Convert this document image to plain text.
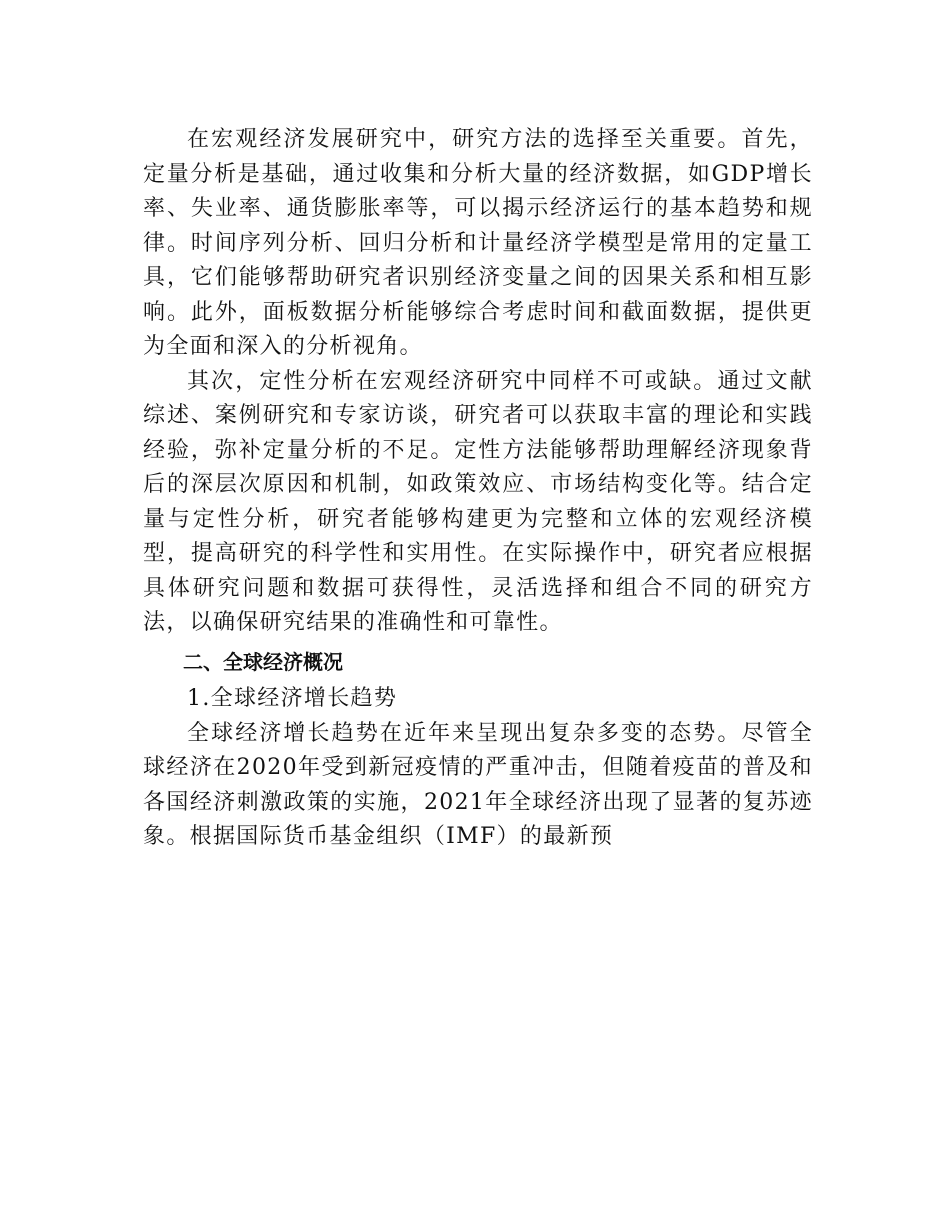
在宏观经济发展研究中，研究方法的选择至关重要。首先，定量分析是基础，通过收集和分析大量的经济数据，如GDP增长率、失业率、通货膨胀率等，可以揭示经济运行的基本趋势和规律。时间序列分析、回归分析和计量经济学模型是常用的定量工具，它们能够帮助研究者识别经济变量之间的因果关系和相互影响。此外，面板数据分析能够综合考虑时间和截面数据，提供更为全面和深入的分析视角。

其次，定性分析在宏观经济研究中同样不可或缺。通过文献综述、案例研究和专家访谈，研究者可以获取丰富的理论和实践经验，弥补定量分析的不足。定性方法能够帮助理解经济现象背后的深层次原因和机制，如政策效应、市场结构变化等。结合定量与定性分析，研究者能够构建更为完整和立体的宏观经济模型，提高研究的科学性和实用性。在实际操作中，研究者应根据具体研究问题和数据可获得性，灵活选择和组合不同的研究方法，以确保研究结果的准确性和可靠性。

二、全球经济概况

1.全球经济增长趋势

全球经济增长趋势在近年来呈现出复杂多变的态势。尽管全球经济在2020年受到新冠疫情的严重冲击，但随着疫苗的普及和各国经济刺激政策的实施，2021年全球经济出现了显著的复苏迹象。根据国际货币基金组织（IMF）的最新预
